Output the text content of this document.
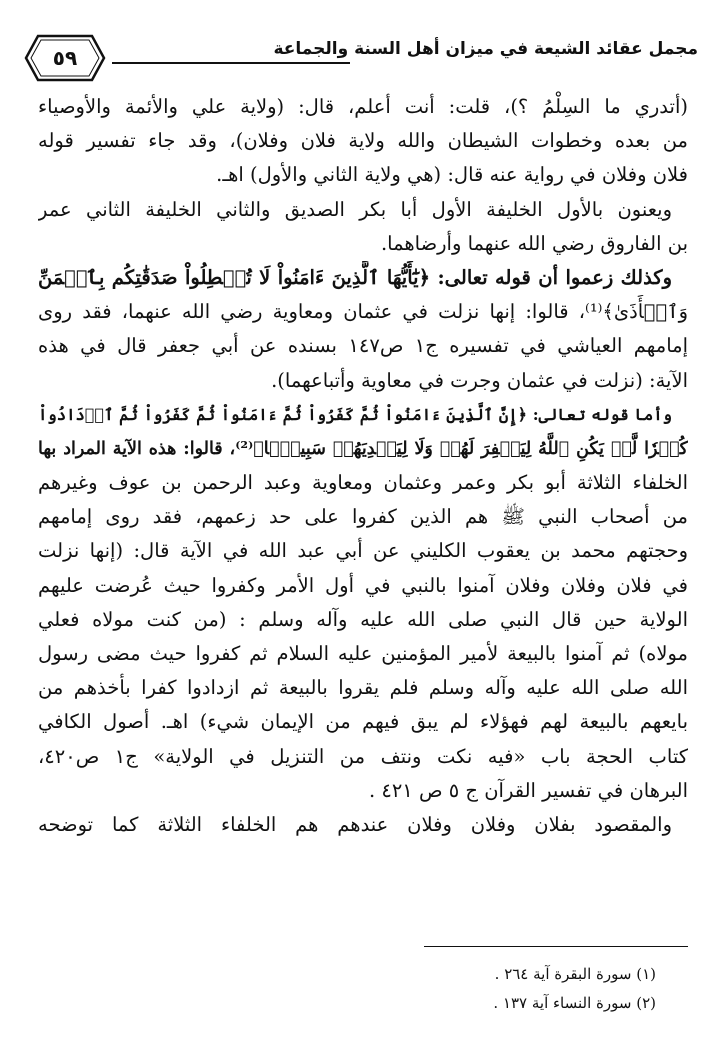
مجمل عقائد الشيعة في ميزان أهل السنة والجماعة
٥٩
(أتدري ما السِلْمُ ؟)، قلت: أنت أعلم، قال: (ولاية علي والأئمة والأوصياء
من بعده وخطوات الشيطان والله ولاية فلان وفلان)، وقد جاء تفسير قوله
فلان وفلان في رواية عنه قال: (هي ولاية الثاني والأول) اهـ.
ويعنون بالأول الخليفة الأول أبا بكر الصديق والثاني الخليفة الثاني عمر
بن الفاروق رضي الله عنهما وأرضاهما.
وكذلك زعموا أن قوله تعالى: ﴿يَٰٓأَيُّهَا ٱلَّذِينَ ءَامَنُواْ لَا تُبۡطِلُواْ صَدَقَٰتِكُم بِٱلۡمَنِّ
وَٱلۡأَذَىٰ﴾⁽¹⁾، قالوا: إنها نزلت في عثمان ومعاوية رضي الله عنهما، فقد روى
إمامهم العياشي في تفسيره ج١ ص١٤٧ بسنده عن أبي جعفر قال في هذه
الآية: (نزلت في عثمان وجرت في معاوية وأتباعهما).
وأما قوله تعالى: ﴿إِنَّ ٱلَّذِينَ ءَامَنُواْ ثُمَّ كَفَرُواْ ثُمَّ ءَامَنُواْ ثُمَّ كَفَرُواْ ثُمَّ ٱزۡدَادُواْ
كُفۡرٗا لَّمۡ يَكُنِ ٱللَّهُ لِيَغۡفِرَ لَهُمۡ وَلَا لِيَهۡدِيَهُمۡ سَبِيلَۢا﴾⁽²⁾، قالوا: هذه الآية المراد بها
الخلفاء الثلاثة أبو بكر وعمر وعثمان ومعاوية وعبد الرحمن بن عوف وغيرهم
من أصحاب النبي ﷺ هم الذين كفروا على حد زعمهم، فقد روى إمامهم
وحجتهم محمد بن يعقوب الكليني عن أبي عبد الله في الآية قال: (إنها نزلت
في فلان وفلان وفلان آمنوا بالنبي في أول الأمر وكفروا حيث عُرضت عليهم
الولاية حين قال النبي صلى الله عليه وآله وسلم : (من كنت مولاه فعلي
مولاه) ثم آمنوا بالبيعة لأمير المؤمنين عليه السلام ثم كفروا حيث مضى رسول
الله صلى الله عليه وآله وسلم فلم يقروا بالبيعة ثم ازدادوا كفرا بأخذهم من
بايعهم بالبيعة لهم فهؤلاء لم يبق فيهم من الإيمان شيء) اهـ. أصول الكافي
كتاب الحجة باب «فيه نكت ونتف من التنزيل في الولاية» ج١ ص٤٢٠،
البرهان في تفسير القرآن ج ٥ ص ٤٢١ .
والمقصود بفلان وفلان وفلان عندهم هم الخلفاء الثلاثة كما توضحه
(١) سورة البقرة آية ٢٦٤ .
(٢) سورة النساء آية ١٣٧ .
